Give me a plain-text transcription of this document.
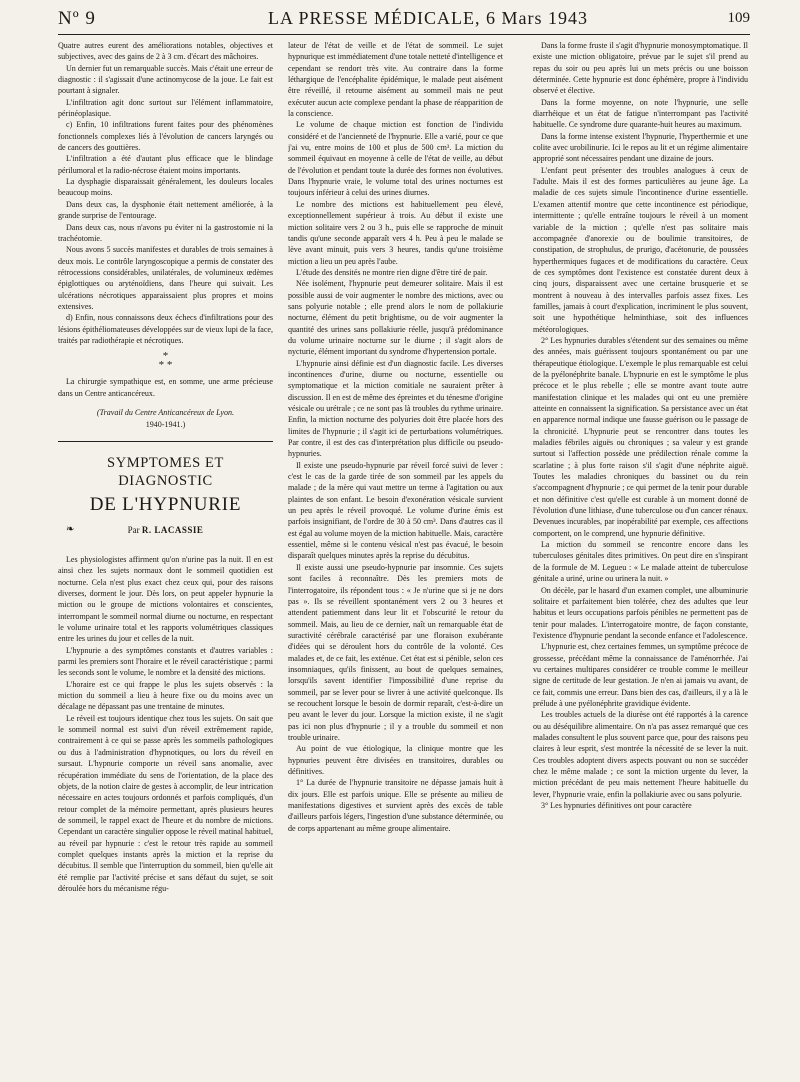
Nº 9	LA PRESSE MÉDICALE, 6 Mars 1943	109

Quatre autres eurent des améliorations notables, objectives et subjectives, avec des gains de 2 à 3 cm. d'écart des mâchoires.

Un dernier fut un remarquable succès. Mais c'était une erreur de diagnostic : il s'agissait d'une actinomycose de la joue. Le fait est pourtant à signaler.

L'infiltration agit donc surtout sur l'élément inflammatoire, périnéoplasique.

c) Enfin, 10 infiltrations furent faites pour des phénomènes fonctionnels complexes liés à l'évolution de cancers laryngés ou de cancers des gouttières.

L'infiltration a été d'autant plus efficace que le blindage périlumoral et la radio-nécrose étaient moins importants.

La dysphagie disparaissait généralement, les douleurs locales beaucoup moins.

Dans deux cas, la dysphonie était nettement améliorée, à la grande surprise de l'entourage.

Dans deux cas, nous n'avons pu éviter ni la gastrostomie ni la trachéotomie.

Nous avons 5 succès manifestes et durables de trois semaines à deux mois. Le contrôle laryngoscopique a permis de constater des rétrocessions considérables, unilatérales, de volumineux œdèmes épiglottiques ou aryténoïdiens, dans l'heure qui suivait. Les ulcérations nécrotiques apparaissaient plus propres et moins extensives.

d) Enfin, nous connaissons deux échecs d'infiltrations pour des lésions épithéliomateuses développées sur de vieux lupi de la face, traités par radiothérapie et nécrotiques.

*
* *

La chirurgie sympathique est, en somme, une arme précieuse dans un Centre anticancéreux.

(Travail du Centre Anticancéreux de Lyon.
1940-1941.)
SYMPTOMES ET DIAGNOSTIC
DE L'HYPNURIE
❧	Par R. LACASSIE

Les physiologistes affirment qu'on n'urine pas la nuit. Il en est ainsi chez les sujets normaux dont le sommeil quotidien est nocturne. Cela n'est plus exact chez ceux qui, pour des raisons diverses, dorment le jour. Dès lors, on peut appeler hypnurie la miction ou le groupe de mictions volontaires et conscientes, interrompant le sommeil normal diurne ou nocturne, en respectant le volume urinaire total et les rapports volumétriques classiques entre les urines du jour et celles de la nuit.

L'hypnurie a des symptômes constants et d'autres variables : parmi les premiers sont l'horaire et le réveil caractéristique ; parmi les seconds sont le volume, le nombre et la densité des mictions.

L'horaire est ce qui frappe le plus les sujets observés : la miction du sommeil a lieu à heure fixe ou du moins avec un décalage ne dépassant pas une trentaine de minutes.

Le réveil est toujours identique chez tous les sujets. On sait que le sommeil normal est suivi d'un réveil extrêmement rapide, contrairement à ce qui se passe après les sommeils pathologiques ou dus à l'administration d'hypnotiques, ou lors du réveil en sursaut. L'hypnurie comporte un réveil sans anomalie, avec récupération immédiate du sens de l'orientation, de la place des objets, de la notion claire de gestes à accomplir, de leur intrication nécessaire en actes toujours ordonnés et parfois compliqués, d'un retour complet de la mémoire permettant, après plusieurs heures de sommeil, le rappel exact de l'heure et du nombre de mictions. Cependant un caractère singulier oppose le réveil matinal habituel, au réveil par hypnurie : c'est le retour très rapide au sommeil complet quelques instants après la miction et la reprise du décubitus. Il semble que l'interruption du sommeil, bien qu'elle ait été remplie par l'activité précise et sans défaut du sujet, se soit déroulée hors du mécanisme régu-

lateur de l'état de veille et de l'état de sommeil. Le sujet hypnurique est immédiatement d'une totale netteté d'intelligence et cependant se rendort très vite. Au contraire dans la forme léthargique de l'encéphalite épidémique, le malade peut aisément être réveillé, il retourne aisément au sommeil mais ne peut exécuter aucun acte complexe pendant la phase de réapparition de la conscience.

Le volume de chaque miction est fonction de l'individu considéré et de l'ancienneté de l'hypnurie. Elle a varié, pour ce que j'ai vu, entre moins de 100 et plus de 500 cm³. La miction du sommeil équivaut en moyenne à celle de l'état de veille, au début de l'évolution et pendant toute la durée des formes non évolutives. Dans l'hypnurie vraie, le volume total des urines nocturnes est toujours inférieur à celui des urines diurnes.

Le nombre des mictions est habituellement peu élevé, exceptionnellement supérieur à trois. Au début il existe une miction solitaire vers 2 ou 3 h., puis elle se rapproche de minuit tandis qu'une seconde apparaît vers 4 h. Peu à peu le malade se lève avant minuit, puis vers 3 heures, tandis qu'une troisième miction a lieu un peu après l'aube.

L'étude des densités ne montre rien digne d'être tiré de pair.

Née isolément, l'hypnurie peut demeurer solitaire. Mais il est possible aussi de voir augmenter le nombre des mictions, avec ou sans polyurie notable ; elle prend alors le nom de pollakiurie nocturne, élément du petit brightisme, ou de voir augmenter la quantité des urines sans pollakiurie réelle, jusqu'à prédominance du volume urinaire nocturne sur le diurne ; il s'agit alors de nycturie, élément important du syndrome d'hypertension portale.

L'hypnurie ainsi définie est d'un diagnostic facile. Les diverses incontinences d'urine, diurne ou nocturne, essentielle ou symptomatique et la miction comitiale ne sauraient prêter à discussion. Il en est de même des épreintes et du ténesme d'origine vésicale ou urétrale ; ce ne sont pas là troubles du rythme urinaire. Enfin, la miction nocturne des polyuries doit être placée hors des limites de l'hypnurie ; il s'agit ici de perturbations volumétriques. Par contre, il est des cas d'interprétation plus difficile ou pseudo-hypnuries.

Il existe une pseudo-hypnurie par réveil forcé suivi de lever : c'est le cas de la garde tirée de son sommeil par les appels du malade ; de la mère qui vaut mettre un terme à l'agitation ou aux plaintes de son enfant. Le besoin d'exonération vésicale survient un peu après le réveil provoqué. Le volume d'urine émis est parfois insignifiant, de l'ordre de 30 à 50 cm³. Dans d'autres cas il est égal au volume moyen de la miction habituelle. Mais, caractère essentiel, même si le contenu vésical n'est pas évacué, le besoin disparaît quelques minutes après la reprise du décubitus.

Il existe aussi une pseudo-hypnurie par insomnie. Ces sujets sont faciles à reconnaître. Dès les premiers mots de l'interrogatoire, ils répondent tous : « Je n'urine que si je ne dors pas ». Ils se réveillent spontanément vers 2 ou 3 heures et attendent patiemment dans leur lit et l'obscurité le retour du sommeil. Mais, au lieu de ce dernier, naît un remarquable état de suractivité cérébrale caractérisé par une floraison exubérante d'idées qui se déroulent hors du contrôle de la volonté. Ces malades et, de ce fait, les exténue. Cet état est si pénible, selon ces insomniaques, qu'ils finissent, au bout de quelques semaines, lorsqu'ils savent identifier l'impossibilité d'une reprise du sommeil, par se lever pour se livrer à une activité quelconque. Ils se recouchent lorsque le besoin de dormir reparaît, c'est-à-dire un peu avant le lever du jour. Lorsque la miction existe, il ne s'agit pas ici non plus d'hypnurie ; il y a trouble du sommeil et non trouble urinaire.

Au point de vue étiologique, la clinique montre que les hypnuries peuvent être divisées en transitoires, durables ou définitives.

1° La durée de l'hypnurie transitoire ne dépasse jamais huit à dix jours. Elle est parfois unique. Elle se présente au milieu de manifestations digestives et survient après des excès de table d'ailleurs parfois légers, l'ingestion d'une substance déterminée, ou de corps appartenant au même groupe alimentaire.

Dans la forme fruste il s'agit d'hypnurie monosymptomatique. Il existe une miction obligatoire, prévue par le sujet s'il prend au repas du soir ou peu après lui un mets précis ou une boisson déterminée. Cette hypnurie est donc éphémère, propre à l'individu observé et élective.

Dans la forme moyenne, on note l'hypnurie, une selle diarrhéique et un état de fatigue n'interrompant pas l'activité habituelle. Ce syndrome dure quarante-huit heures au maximum.

Dans la forme intense existent l'hypnurie, l'hyperthermie et une colite avec urobilinurie. Ici le repos au lit et un régime alimentaire approprié sont nécessaires pendant une dizaine de jours.

L'enfant peut présenter des troubles analogues à ceux de l'adulte. Mais il est des formes particulières au jeune âge. La maladie de ces sujets simule l'incontinence d'urine essentielle. L'examen attentif montre que cette incontinence est périodique, intermittente ; qu'elle entraîne toujours le réveil à un moment variable de la miction ; qu'elle n'est pas solitaire mais accompagnée d'anorexie ou de boulimie transitoires, de constipation, de strophulus, de prurigo, d'acétonurie, de poussées hyperthermiques fugaces et de modifications du caractère. Ceux de ces symptômes dont l'existence est constatée durent deux à cinq jours, disparaissent avec une certaine brusquerie et se montrent à nouveau à des intervalles parfois assez fixes. Les familles, jamais à court d'explication, incriminent le plus souvent, soit une hypothétique helminthiase, soit des influences météorologiques.

2° Les hypnuries durables s'étendent sur des semaines ou même des années, mais guérissent toujours spontanément ou par une thérapeutique étiologique. L'exemple le plus remarquable est celui de la pyélonéphrite banale. L'hypnurie en est le symptôme le plus précoce et le plus rebelle ; elle se montre avant toute autre manifestation clinique et les malades qui ont eu une première atteinte en connaissent la signification. Sa persistance avec un état en apparence normal indique une fausse guérison ou le passage de la chronicité. L'hypnurie peut se rencontrer dans toutes les maladies fébriles aiguës ou chroniques ; sa valeur y est grande surtout si l'affection possède une prédilection rénale comme la scarlatine ; à plus forte raison s'il s'agit d'une néphrite aiguë. Toutes les maladies chroniques du bassinet ou du rein s'accompagnent d'hypnurie ; ce qui permet de la tenir pour durable et non définitive c'est qu'elle est curable à un moment donné de l'évolution d'une lithiase, d'une tuberculose ou d'un cancer rénaux. Devenues incurables, par inopérabilité par exemple, ces affections comportent, on le comprend, une hypnurie définitive.

La miction du sommeil se rencontre encore dans les tuberculoses génitales dites primitives. On peut dire en s'inspirant de la formule de M. Legueu : « Le malade atteint de tuberculose génitale a uriné, urine ou urinera la nuit. »

On décèle, par le hasard d'un examen complet, une albuminurie solitaire et parfaitement bien tolérée, chez des adultes que leur habitus et leurs occupations parfois pénibles ne permettent pas de tenir pour malades. L'interrogatoire montre, de façon constante, l'existence d'hypnurie pendant la seconde enfance et l'adolescence.

L'hypnurie est, chez certaines femmes, un symptôme précoce de grossesse, précédant même la connaissance de l'aménorrhée. J'ai vu certaines multipares considérer ce trouble comme le meilleur signe de certitude de leur gestation. Je n'en ai jamais vu avant, de ce fait, commis une erreur. Dans bien des cas, d'ailleurs, il y a là le prélude à une pyélonéphrite gravidique évidente.

Les troubles actuels de la diurèse ont été rapportés à la carence ou au déséquilibre alimentaire. On n'a pas assez remarqué que ces malades consultent le plus souvent parce que, pour des raisons peu claires à leur esprit, s'est montrée la nécessité de se lever la nuit. Ces troubles adoptent divers aspects pouvant ou non se succéder chez le même malade ; ce sont la miction urgente du lever, la miction précédant de peu mais nettement l'heure habituelle du lever, l'hypnurie vraie, enfin la pollakiurie avec ou sans polyurie.

3° Les hypnuries définitives ont pour caractère
